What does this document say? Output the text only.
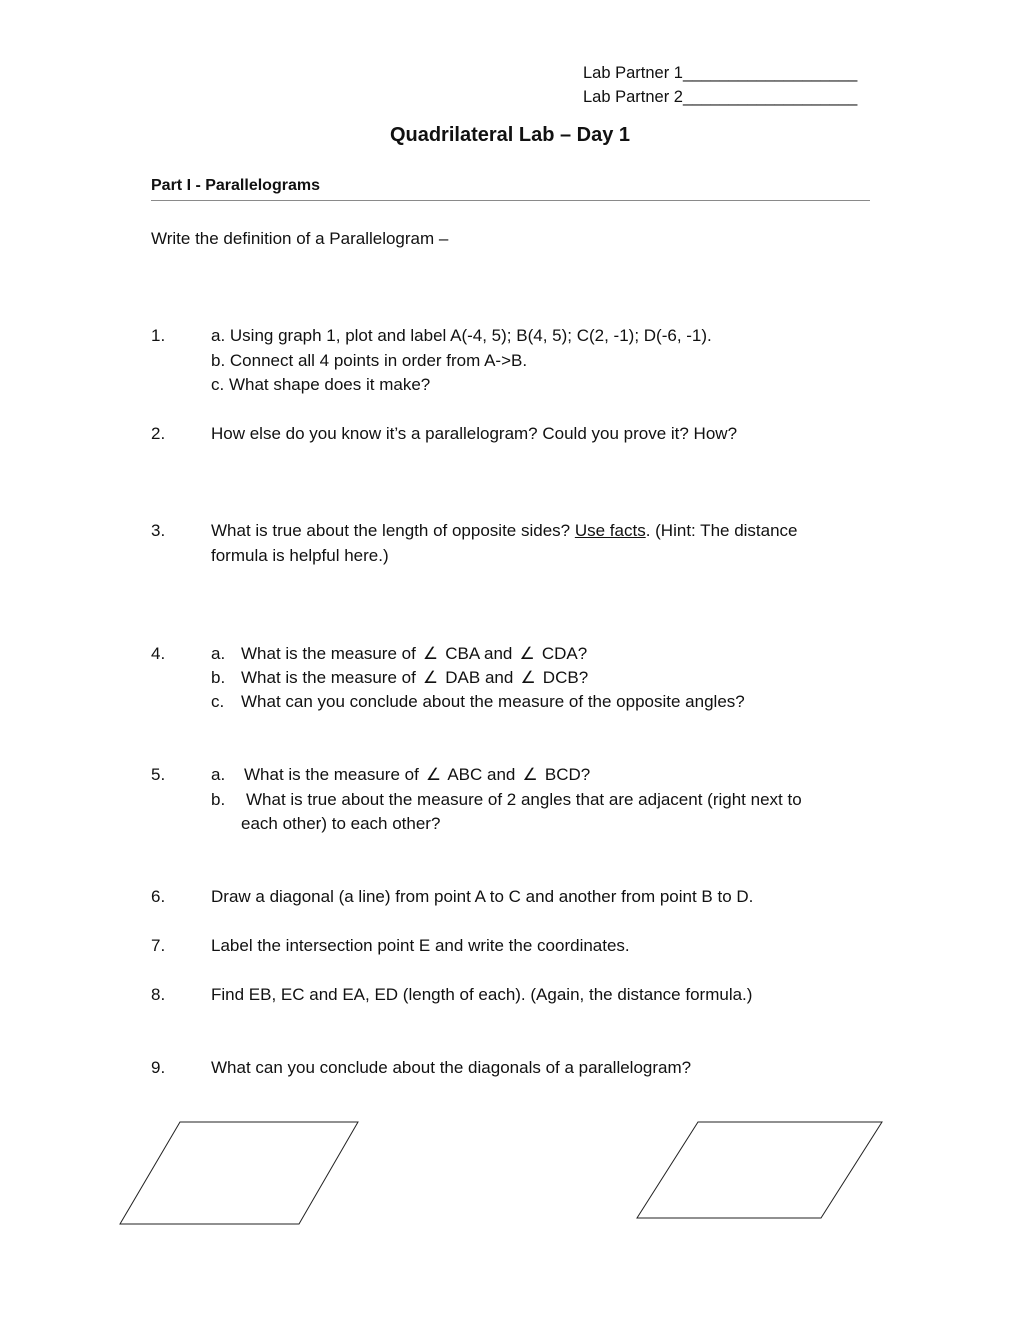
Lab Partner 1___________________
Lab Partner 2___________________
Quadrilateral Lab – Day 1
Part I - Parallelograms
Write the definition of a Parallelogram –
1.	a. Using graph 1, plot and label A(-4, 5); B(4, 5); C(2, -1); D(-6, -1).
b. Connect all 4 points in order from A->B.
c. What shape does it make?
2.	How else do you know it’s a parallelogram? Could you prove it? How?
3.	What is true about the length of opposite sides? Use facts. (Hint: The distance
formula is helpful here.)
4.	a. What is the measure of ∠ CBA and ∠ CDA?
b. What is the measure of ∠ DAB and ∠ DCB?
c. What can you conclude about the measure of the opposite angles?
5.	a. What is the measure of ∠ ABC and ∠ BCD?
b. What is true about the measure of 2 angles that are adjacent (right next to
each other) to each other?
6.	Draw a diagonal (a line) from point A to C and another from point B to D.
7.	Label the intersection point E and write the coordinates.
8.	Find EB, EC and EA, ED (length of each). (Again, the distance formula.)
9.	What can you conclude about the diagonals of a parallelogram?
